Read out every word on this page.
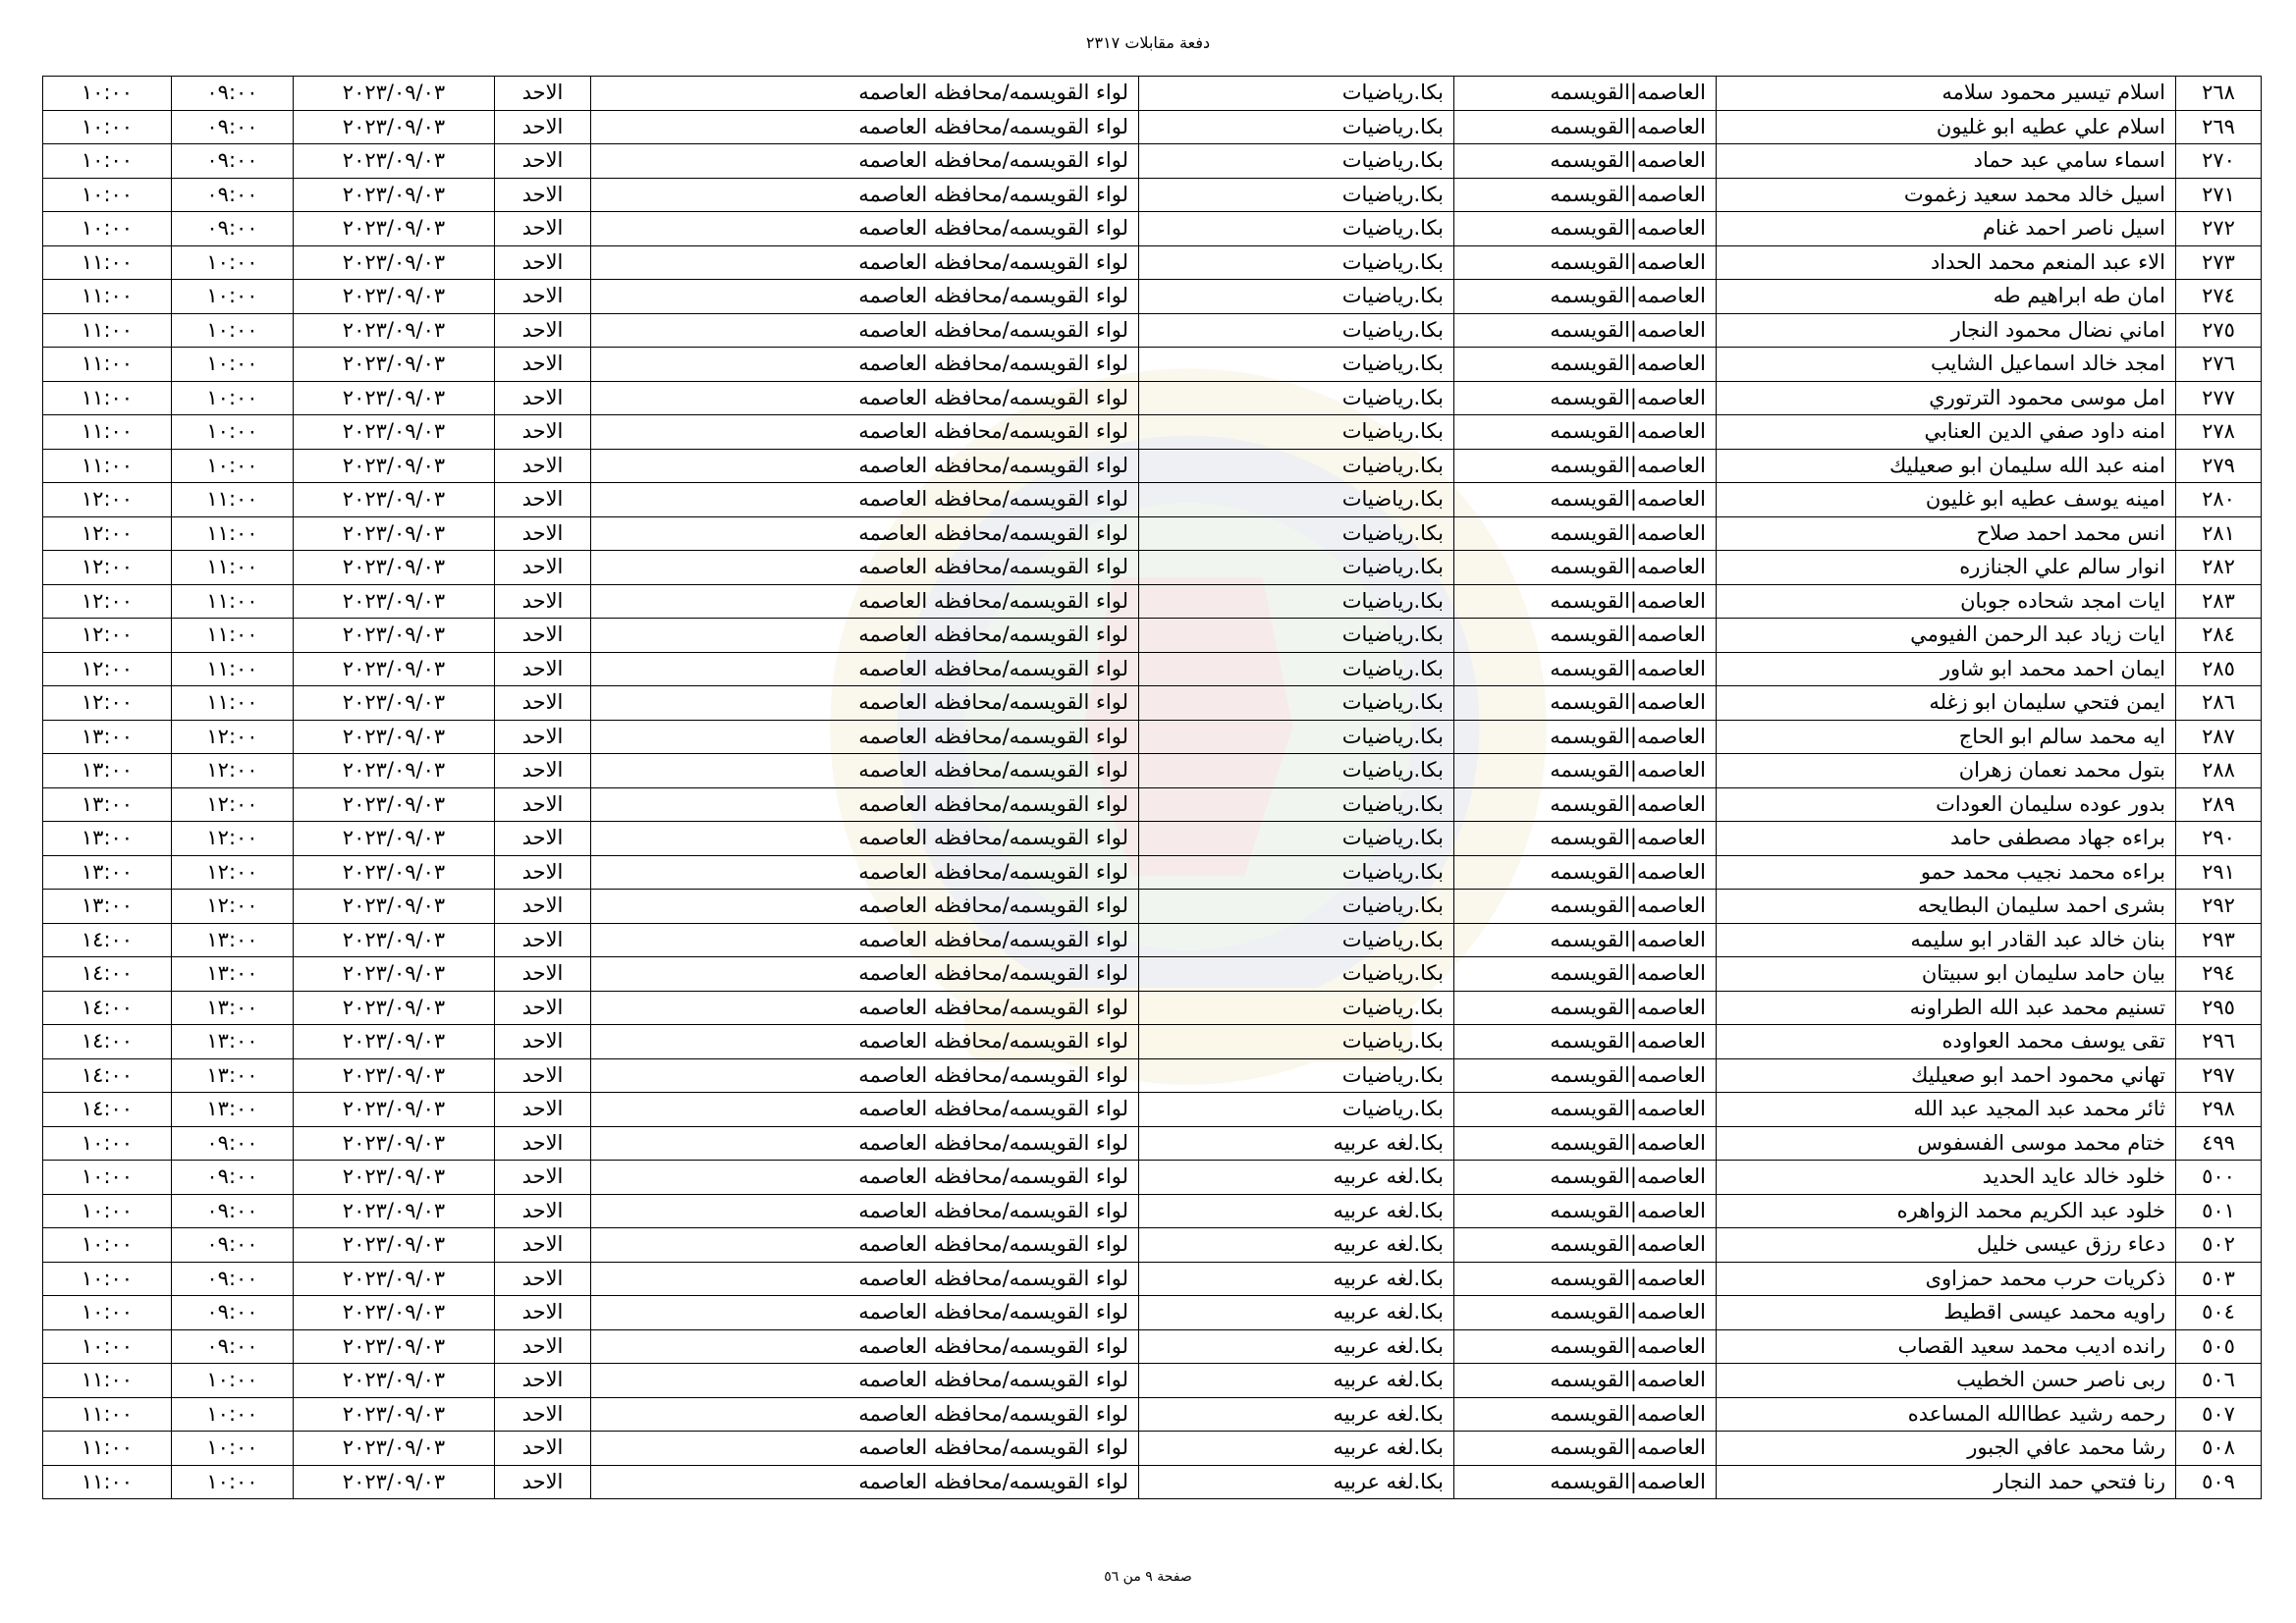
دفعة مقابلات ٢٣١٧
٢٦٨	اسلام تيسير محمود سلامه	العاصمه|القويسمه	بكا.رياضيات	لواء القويسمه/محافظه العاصمه	الاحد	٢٠٢٣/٠٩/٠٣	٠٩:٠٠	١٠:٠٠
٢٦٩	اسلام علي عطيه ابو غليون	العاصمه|القويسمه	بكا.رياضيات	لواء القويسمه/محافظه العاصمه	الاحد	٢٠٢٣/٠٩/٠٣	٠٩:٠٠	١٠:٠٠
٢٧٠	اسماء سامي عبد حماد	العاصمه|القويسمه	بكا.رياضيات	لواء القويسمه/محافظه العاصمه	الاحد	٢٠٢٣/٠٩/٠٣	٠٩:٠٠	١٠:٠٠
٢٧١	اسيل خالد محمد سعيد زغموت	العاصمه|القويسمه	بكا.رياضيات	لواء القويسمه/محافظه العاصمه	الاحد	٢٠٢٣/٠٩/٠٣	٠٩:٠٠	١٠:٠٠
٢٧٢	اسيل ناصر احمد غنام	العاصمه|القويسمه	بكا.رياضيات	لواء القويسمه/محافظه العاصمه	الاحد	٢٠٢٣/٠٩/٠٣	٠٩:٠٠	١٠:٠٠
٢٧٣	الاء عبد المنعم محمد الحداد	العاصمه|القويسمه	بكا.رياضيات	لواء القويسمه/محافظه العاصمه	الاحد	٢٠٢٣/٠٩/٠٣	١٠:٠٠	١١:٠٠
٢٧٤	امان طه ابراهيم طه	العاصمه|القويسمه	بكا.رياضيات	لواء القويسمه/محافظه العاصمه	الاحد	٢٠٢٣/٠٩/٠٣	١٠:٠٠	١١:٠٠
٢٧٥	اماني نضال محمود النجار	العاصمه|القويسمه	بكا.رياضيات	لواء القويسمه/محافظه العاصمه	الاحد	٢٠٢٣/٠٩/٠٣	١٠:٠٠	١١:٠٠
٢٧٦	امجد خالد اسماعيل الشايب	العاصمه|القويسمه	بكا.رياضيات	لواء القويسمه/محافظه العاصمه	الاحد	٢٠٢٣/٠٩/٠٣	١٠:٠٠	١١:٠٠
٢٧٧	امل موسى محمود الترتوري	العاصمه|القويسمه	بكا.رياضيات	لواء القويسمه/محافظه العاصمه	الاحد	٢٠٢٣/٠٩/٠٣	١٠:٠٠	١١:٠٠
٢٧٨	امنه داود صفي الدين العنابي	العاصمه|القويسمه	بكا.رياضيات	لواء القويسمه/محافظه العاصمه	الاحد	٢٠٢٣/٠٩/٠٣	١٠:٠٠	١١:٠٠
٢٧٩	امنه عبد الله سليمان ابو صعيليك	العاصمه|القويسمه	بكا.رياضيات	لواء القويسمه/محافظه العاصمه	الاحد	٢٠٢٣/٠٩/٠٣	١٠:٠٠	١١:٠٠
٢٨٠	امينه يوسف عطيه ابو غليون	العاصمه|القويسمه	بكا.رياضيات	لواء القويسمه/محافظه العاصمه	الاحد	٢٠٢٣/٠٩/٠٣	١١:٠٠	١٢:٠٠
٢٨١	انس محمد احمد صلاح	العاصمه|القويسمه	بكا.رياضيات	لواء القويسمه/محافظه العاصمه	الاحد	٢٠٢٣/٠٩/٠٣	١١:٠٠	١٢:٠٠
٢٨٢	انوار سالم علي الجنازره	العاصمه|القويسمه	بكا.رياضيات	لواء القويسمه/محافظه العاصمه	الاحد	٢٠٢٣/٠٩/٠٣	١١:٠٠	١٢:٠٠
٢٨٣	ايات امجد شحاده جوبان	العاصمه|القويسمه	بكا.رياضيات	لواء القويسمه/محافظه العاصمه	الاحد	٢٠٢٣/٠٩/٠٣	١١:٠٠	١٢:٠٠
٢٨٤	ايات زياد عبد الرحمن الفيومي	العاصمه|القويسمه	بكا.رياضيات	لواء القويسمه/محافظه العاصمه	الاحد	٢٠٢٣/٠٩/٠٣	١١:٠٠	١٢:٠٠
٢٨٥	ايمان احمد محمد ابو شاور	العاصمه|القويسمه	بكا.رياضيات	لواء القويسمه/محافظه العاصمه	الاحد	٢٠٢٣/٠٩/٠٣	١١:٠٠	١٢:٠٠
٢٨٦	ايمن فتحي سليمان ابو زغله	العاصمه|القويسمه	بكا.رياضيات	لواء القويسمه/محافظه العاصمه	الاحد	٢٠٢٣/٠٩/٠٣	١١:٠٠	١٢:٠٠
٢٨٧	ايه محمد سالم ابو الحاج	العاصمه|القويسمه	بكا.رياضيات	لواء القويسمه/محافظه العاصمه	الاحد	٢٠٢٣/٠٩/٠٣	١٢:٠٠	١٣:٠٠
٢٨٨	بتول محمد نعمان زهران	العاصمه|القويسمه	بكا.رياضيات	لواء القويسمه/محافظه العاصمه	الاحد	٢٠٢٣/٠٩/٠٣	١٢:٠٠	١٣:٠٠
٢٨٩	بدور عوده سليمان العودات	العاصمه|القويسمه	بكا.رياضيات	لواء القويسمه/محافظه العاصمه	الاحد	٢٠٢٣/٠٩/٠٣	١٢:٠٠	١٣:٠٠
٢٩٠	براءه جهاد مصطفى حامد	العاصمه|القويسمه	بكا.رياضيات	لواء القويسمه/محافظه العاصمه	الاحد	٢٠٢٣/٠٩/٠٣	١٢:٠٠	١٣:٠٠
٢٩١	براءه محمد نجيب محمد حمو	العاصمه|القويسمه	بكا.رياضيات	لواء القويسمه/محافظه العاصمه	الاحد	٢٠٢٣/٠٩/٠٣	١٢:٠٠	١٣:٠٠
٢٩٢	بشرى احمد سليمان البطايحه	العاصمه|القويسمه	بكا.رياضيات	لواء القويسمه/محافظه العاصمه	الاحد	٢٠٢٣/٠٩/٠٣	١٢:٠٠	١٣:٠٠
٢٩٣	بنان خالد عبد القادر ابو سليمه	العاصمه|القويسمه	بكا.رياضيات	لواء القويسمه/محافظه العاصمه	الاحد	٢٠٢٣/٠٩/٠٣	١٣:٠٠	١٤:٠٠
٢٩٤	بيان حامد سليمان ابو سبيتان	العاصمه|القويسمه	بكا.رياضيات	لواء القويسمه/محافظه العاصمه	الاحد	٢٠٢٣/٠٩/٠٣	١٣:٠٠	١٤:٠٠
٢٩٥	تسنيم محمد عبد الله الطراونه	العاصمه|القويسمه	بكا.رياضيات	لواء القويسمه/محافظه العاصمه	الاحد	٢٠٢٣/٠٩/٠٣	١٣:٠٠	١٤:٠٠
٢٩٦	تقى يوسف محمد العواوده	العاصمه|القويسمه	بكا.رياضيات	لواء القويسمه/محافظه العاصمه	الاحد	٢٠٢٣/٠٩/٠٣	١٣:٠٠	١٤:٠٠
٢٩٧	تهاني محمود احمد ابو صعيليك	العاصمه|القويسمه	بكا.رياضيات	لواء القويسمه/محافظه العاصمه	الاحد	٢٠٢٣/٠٩/٠٣	١٣:٠٠	١٤:٠٠
٢٩٨	ثائر محمد عبد المجيد عبد الله	العاصمه|القويسمه	بكا.رياضيات	لواء القويسمه/محافظه العاصمه	الاحد	٢٠٢٣/٠٩/٠٣	١٣:٠٠	١٤:٠٠
٤٩٩	ختام محمد موسى الفسفوس	العاصمه|القويسمه	بكا.لغه عربيه	لواء القويسمه/محافظه العاصمه	الاحد	٢٠٢٣/٠٩/٠٣	٠٩:٠٠	١٠:٠٠
٥٠٠	خلود خالد عايد الحديد	العاصمه|القويسمه	بكا.لغه عربيه	لواء القويسمه/محافظه العاصمه	الاحد	٢٠٢٣/٠٩/٠٣	٠٩:٠٠	١٠:٠٠
٥٠١	خلود عبد الكريم محمد الزواهره	العاصمه|القويسمه	بكا.لغه عربيه	لواء القويسمه/محافظه العاصمه	الاحد	٢٠٢٣/٠٩/٠٣	٠٩:٠٠	١٠:٠٠
٥٠٢	دعاء رزق عيسى خليل	العاصمه|القويسمه	بكا.لغه عربيه	لواء القويسمه/محافظه العاصمه	الاحد	٢٠٢٣/٠٩/٠٣	٠٩:٠٠	١٠:٠٠
٥٠٣	ذكريات حرب محمد حمزاوى	العاصمه|القويسمه	بكا.لغه عربيه	لواء القويسمه/محافظه العاصمه	الاحد	٢٠٢٣/٠٩/٠٣	٠٩:٠٠	١٠:٠٠
٥٠٤	راويه محمد عيسى اقطيط	العاصمه|القويسمه	بكا.لغه عربيه	لواء القويسمه/محافظه العاصمه	الاحد	٢٠٢٣/٠٩/٠٣	٠٩:٠٠	١٠:٠٠
٥٠٥	رانده اديب محمد سعيد القصاب	العاصمه|القويسمه	بكا.لغه عربيه	لواء القويسمه/محافظه العاصمه	الاحد	٢٠٢٣/٠٩/٠٣	٠٩:٠٠	١٠:٠٠
٥٠٦	ربى ناصر حسن الخطيب	العاصمه|القويسمه	بكا.لغه عربيه	لواء القويسمه/محافظه العاصمه	الاحد	٢٠٢٣/٠٩/٠٣	١٠:٠٠	١١:٠٠
٥٠٧	رحمه رشيد عطاالله المساعده	العاصمه|القويسمه	بكا.لغه عربيه	لواء القويسمه/محافظه العاصمه	الاحد	٢٠٢٣/٠٩/٠٣	١٠:٠٠	١١:٠٠
٥٠٨	رشا محمد عافي الجبور	العاصمه|القويسمه	بكا.لغه عربيه	لواء القويسمه/محافظه العاصمه	الاحد	٢٠٢٣/٠٩/٠٣	١٠:٠٠	١١:٠٠
٥٠٩	رنا فتحي حمد النجار	العاصمه|القويسمه	بكا.لغه عربيه	لواء القويسمه/محافظه العاصمه	الاحد	٢٠٢٣/٠٩/٠٣	١٠:٠٠	١١:٠٠
صفحة ٩ من ٥٦
